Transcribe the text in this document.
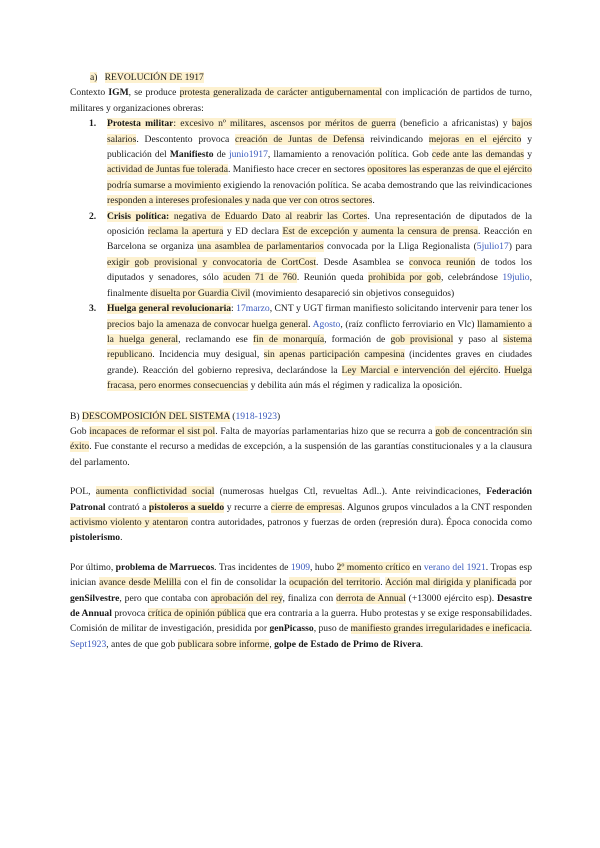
a) REVOLUCIÓN DE 1917

Contexto IGM, se produce protesta generalizada de carácter antigubernamental con implicación de partidos de turno, militares y organizaciones obreras:

1. Protesta militar: excesivo nº militares, ascensos por méritos de guerra (beneficio a africanistas) y bajos salarios. Descontento provoca creación de Juntas de Defensa reivindicando mejoras en el ejército y publicación del Manifiesto de junio1917, llamamiento a renovación política. Gob cede ante las demandas y actividad de Juntas fue tolerada. Manifiesto hace crecer en sectores opositores las esperanzas de que el ejército podría sumarse a movimiento exigiendo la renovación política. Se acaba demostrando que las reivindicaciones responden a intereses profesionales y nada que ver con otros sectores.
2. Crisis política: negativa de Eduardo Dato al reabrir las Cortes. Una representación de diputados de la oposición reclama la apertura y ED declara Est de excepción y aumenta la censura de prensa. Reacción en Barcelona se organiza una asamblea de parlamentarios convocada por la Lliga Regionalista (5julio17) para exigir gob provisional y convocatoria de CortCost. Desde Asamblea se convoca reunión de todos los diputados y senadores, sólo acuden 71 de 760. Reunión queda prohibida por gob, celebrándose 19julio, finalmente disuelta por Guardia Civil (movimiento desapareció sin objetivos conseguidos)
3. Huelga general revolucionaria: 17marzo, CNT y UGT firman manifiesto solicitando intervenir para tener los precios bajo la amenaza de convocar huelga general. Agosto, (raíz conflicto ferroviario en Vlc) llamamiento a la huelga general, reclamando ese fin de monarquía, formación de gob provisional y paso al sistema republicano. Incidencia muy desigual, sin apenas participación campesina (incidentes graves en ciudades grande). Reacción del gobierno represiva, declarándose la Ley Marcial e intervención del ejército. Huelga fracasa, pero enormes consecuencias y debilita aún más el régimen y radicaliza la oposición.

B) DESCOMPOSICIÓN DEL SISTEMA (1918-1923)

Gob incapaces de reformar el sist pol. Falta de mayorías parlamentarias hizo que se recurra a gob de concentración sin éxito. Fue constante el recurso a medidas de excepción, a la suspensión de las garantías constitucionales y a la clausura del parlamento.

POL, aumenta conflictividad social (numerosas huelgas Ctl, revueltas Adl..). Ante reivindicaciones, Federación Patronal contrató a pistoleros a sueldo y recurre a cierre de empresas. Algunos grupos vinculados a la CNT responden activismo violento y atentaron contra autoridades, patronos y fuerzas de orden (represión dura). Época conocida como pistolerismo.

Por último, problema de Marruecos. Tras incidentes de 1909, hubo 2º momento crítico en verano del 1921. Tropas esp inician avance desde Melilla con el fin de consolidar la ocupación del territorio. Acción mal dirigida y planificada por genSilvestre, pero que contaba con aprobación del rey, finaliza con derrota de Annual (+13000 ejército esp). Desastre de Annual provoca crítica de opinión pública que era contraria a la guerra. Hubo protestas y se exige responsabilidades. Comisión de militar de investigación, presidida por genPicasso, puso de manifiesto grandes irregularidades e ineficacia. Sept1923, antes de que gob publicara sobre informe, golpe de Estado de Primo de Rivera.
